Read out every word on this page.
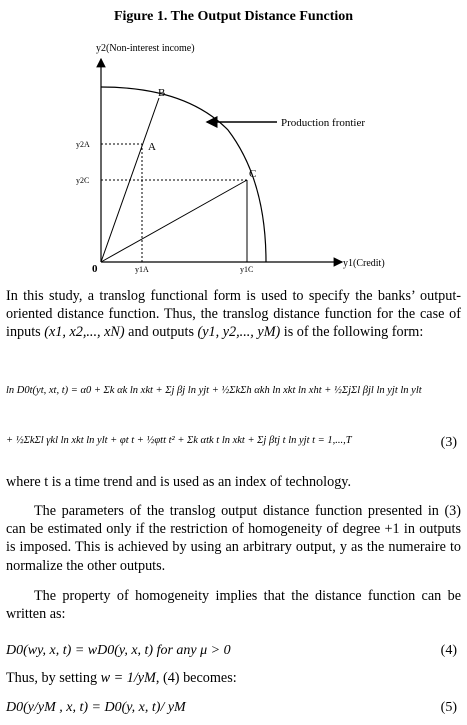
Figure 1. The Output Distance Function
y2(Non-interest income)
y1(Credit)
0
Production frontier
B
A
C
y2A
y2C
y1A	y1C
In this study, a translog functional form is used to specify the banks’ output-oriented distance function. Thus, the translog distance function for the case of inputs (x1, x2,..., xN) and outputs (y1, y2,..., yM) is of the following form:
ln D0t(yt, xt, t) = α0 + Σk αk ln xkt + Σj βj ln yjt + ½ΣkΣh αkh ln xkt ln xht + ½ΣjΣl βjl ln yjt ln ylt
+ ½ΣkΣl γkl ln xkt ln ylt + φt t + ½φtt t² + Σk αtk t ln xkt + Σj βtj t ln yjt t = 1,...,T	(3)
where t is a time trend and is used as an index of technology.
The parameters of the translog output distance function presented in (3) can be estimated only if the restriction of homogeneity of degree +1 in outputs is imposed. This is achieved by using an arbitrary output, y as the numeraire to normalize the other outputs.
The property of homogeneity implies that the distance function can be written as:
D0(wy, x, t) = wD0(y, x, t) for any μ > 0	(4)
Thus, by setting w = 1/yM, (4) becomes:
D0(y/yM , x, t) = D0(y, x, t)/ yM	(5)
